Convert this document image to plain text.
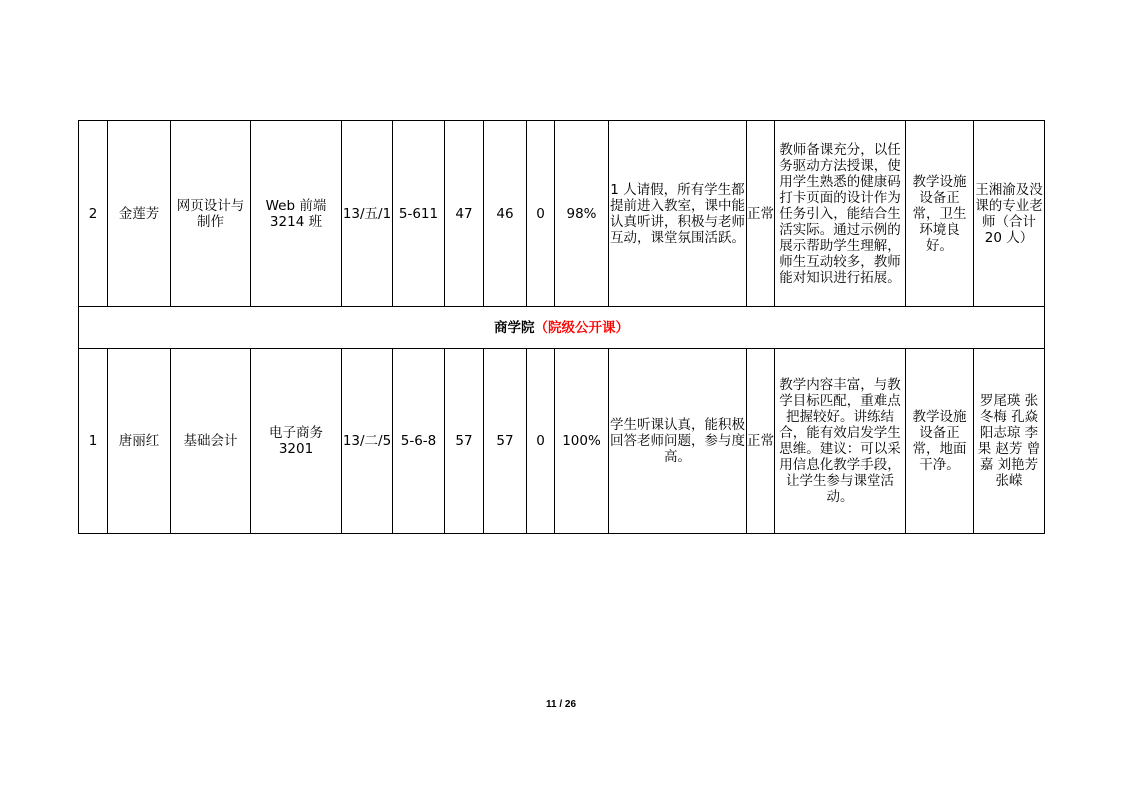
2	金莲芳	网页设计与制作	Web 前端 3214 班	13/五/1	5-611	47	46	0	98%	1 人请假，所有学生都提前进入教室，课中能认真听讲，积极与老师互动，课堂氛围活跃。	正常	教师备课充分，以任务驱动方法授课，使用学生熟悉的健康码打卡页面的设计作为任务引入，能结合生活实际。通过示例的展示帮助学生理解，师生互动较多，教师能对知识进行拓展。	教学设施设备正常，卫生环境良好。	王湘渝及没课的专业老师（合计 20 人）
商学院（院级公开课）														
1	唐丽红	基础会计	电子商务 3201	13/二/5	5-6-8	57	57	0	100%	学生听课认真，能积极回答老师问题，参与度高。	正常	教学内容丰富，与教学目标匹配，重难点把握较好。讲练结合，能有效启发学生思维。建议：可以采用信息化教学手段，让学生参与课堂活动。	教学设施设备正常，地面干净。	罗尾瑛 张冬梅 孔焱 阳志琼 李果 赵芳 曾嘉 刘艳芳 张嵘
11 / 26
